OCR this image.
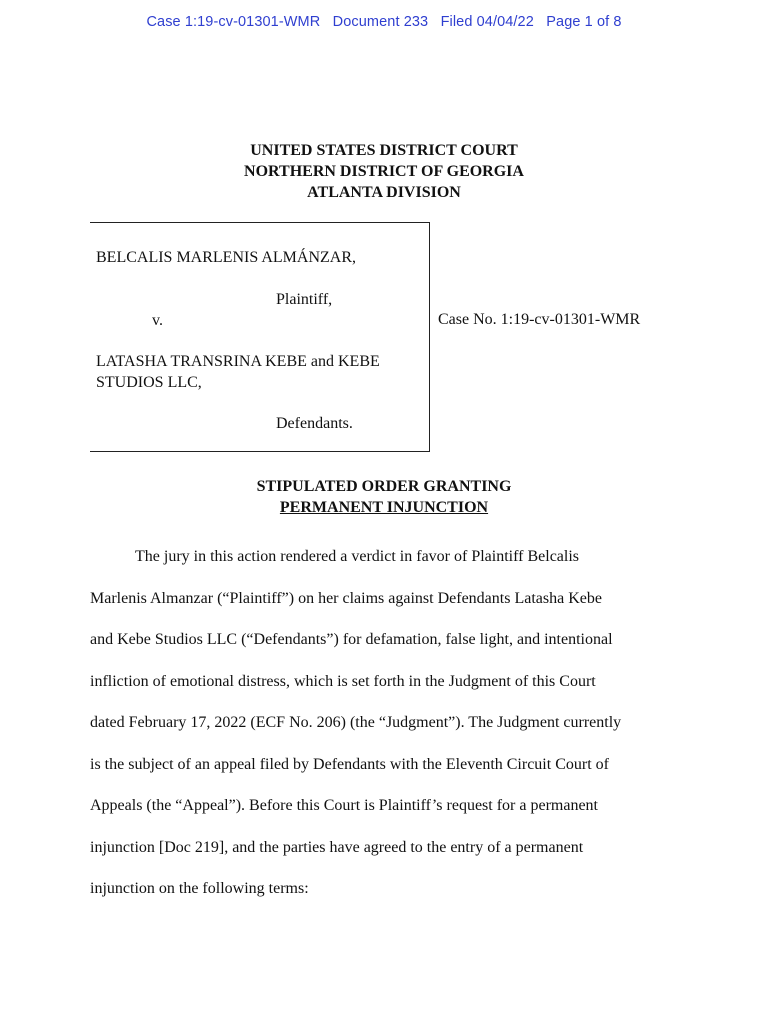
Case 1:19-cv-01301-WMR   Document 233   Filed 04/04/22   Page 1 of 8
UNITED STATES DISTRICT COURT
NORTHERN DISTRICT OF GEORGIA
ATLANTA DIVISION
BELCALIS MARLENIS ALMÁNZAR,
Plaintiff,
v.
LATASHA TRANSRINA KEBE and KEBE STUDIOS LLC,
Defendants.
Case No. 1:19-cv-01301-WMR
STIPULATED ORDER GRANTING
PERMANENT INJUNCTION
The jury in this action rendered a verdict in favor of Plaintiff Belcalis
Marlenis Almanzar (“Plaintiff”) on her claims against Defendants Latasha Kebe
and Kebe Studios LLC (“Defendants”) for defamation, false light, and intentional
infliction of emotional distress, which is set forth in the Judgment of this Court
dated February 17, 2022 (ECF No. 206) (the “Judgment”). The Judgment currently
is the subject of an appeal filed by Defendants with the Eleventh Circuit Court of
Appeals (the “Appeal”). Before this Court is Plaintiff’s request for a permanent
injunction [Doc 219], and the parties have agreed to the entry of a permanent
injunction on the following terms:
